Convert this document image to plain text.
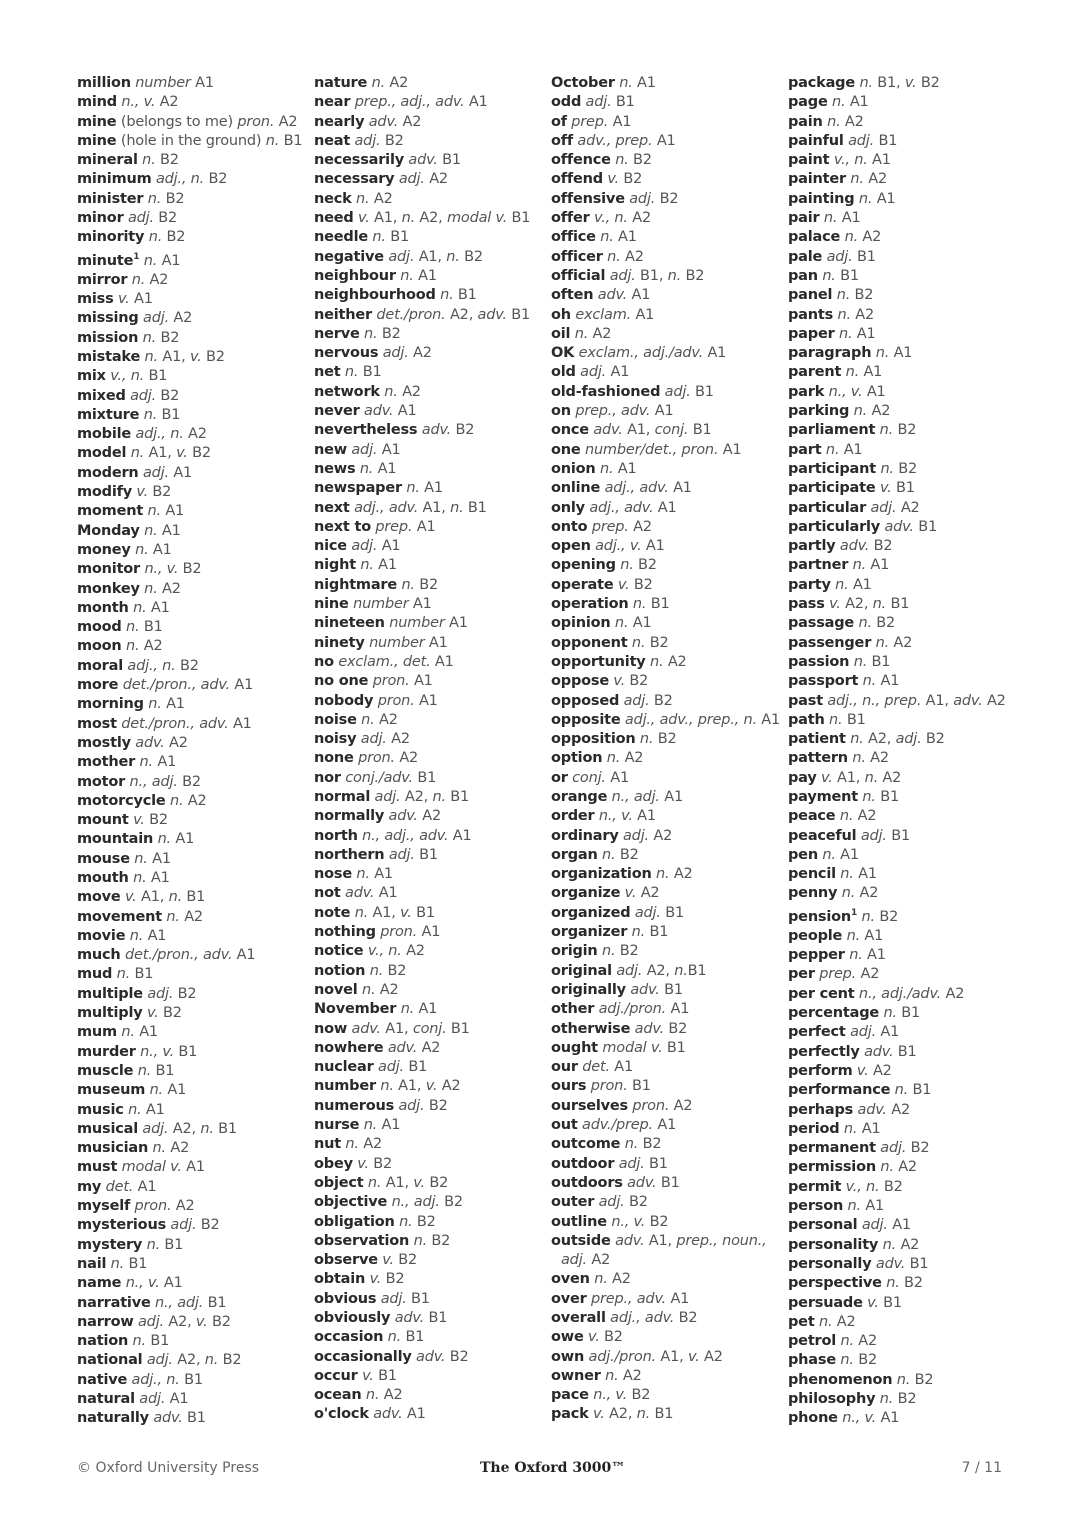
million number A1
mind n., v. A2
mine (belongs to me) pron. A2
mine (hole in the ground) n. B1
mineral n. B2
minimum adj., n. B2
minister n. B2
minor adj. B2
minority n. B2
minute$^1$ n. A1
mirror n. A2
miss v. A1
missing adj. A2
mission n. B2
mistake n. A1, v. B2
mix v., n. B1
mixed adj. B2
mixture n. B1
mobile adj., n. A2
model n. A1, v. B2
modern adj. A1
modify v. B2
moment n. A1
Monday n. A1
money n. A1
monitor n., v. B2
monkey n. A2
month n. A1
mood n. B1
moon n. A2
moral adj., n. B2
more det./pron., adv. A1
morning n. A1
most det./pron., adv. A1
mostly adv. A2
mother n. A1
motor n., adj. B2
motorcycle n. A2
mount v. B2
mountain n. A1
mouse n. A1
mouth n. A1
move v. A1, n. B1
movement n. A2
movie n. A1
much det./pron., adv. A1
mud n. B1
multiple adj. B2
multiply v. B2
mum n. A1
murder n., v. B1
muscle n. B1
museum n. A1
music n. A1
musical adj. A2, n. B1
musician n. A2
must modal v. A1
my det. A1
myself pron. A2
mysterious adj. B2
mystery n. B1
nail n. B1
name n., v. A1
narrative n., adj. B1
narrow adj. A2, v. B2
nation n. B1
national adj. A2, n. B2
native adj., n. B1
natural adj. A1
naturally adv. B1
nature n. A2
near prep., adj., adv. A1
nearly adv. A2
neat adj. B2
necessarily adv. B1
necessary adj. A2
neck n. A2
need v. A1, n. A2, modal v. B1
needle n. B1
negative adj. A1, n. B2
neighbour n. A1
neighbourhood n. B1
neither det./pron. A2, adv. B1
nerve n. B2
nervous adj. A2
net n. B1
network n. A2
never adv. A1
nevertheless adv. B2
new adj. A1
news n. A1
newspaper n. A1
next adj., adv. A1, n. B1
next to prep. A1
nice adj. A1
night n. A1
nightmare n. B2
nine number A1
nineteen number A1
ninety number A1
no exclam., det. A1
no one pron. A1
nobody pron. A1
noise n. A2
noisy adj. A2
none pron. A2
nor conj./adv. B1
normal adj. A2, n. B1
normally adv. A2
north n., adj., adv. A1
northern adj. B1
nose n. A1
not adv. A1
note n. A1, v. B1
nothing pron. A1
notice v., n. A2
notion n. B2
novel n. A2
November n. A1
now adv. A1, conj. B1
nowhere adv. A2
nuclear adj. B1
number n. A1, v. A2
numerous adj. B2
nurse n. A1
nut n. A2
obey v. B2
object n. A1, v. B2
objective n., adj. B2
obligation n. B2
observation n. B2
observe v. B2
obtain v. B2
obvious adj. B1
obviously adv. B1
occasion n. B1
occasionally adv. B2
occur v. B1
ocean n. A2
o'clock adv. A1
October n. A1
odd adj. B1
of prep. A1
off adv., prep. A1
offence n. B2
offend v. B2
offensive adj. B2
offer v., n. A2
office n. A1
officer n. A2
official adj. B1, n. B2
often adv. A1
oh exclam. A1
oil n. A2
OK exclam., adj./adv. A1
old adj. A1
old-fashioned adj. B1
on prep., adv. A1
once adv. A1, conj. B1
one number/det., pron. A1
onion n. A1
online adj., adv. A1
only adj., adv. A1
onto prep. A2
open adj., v. A1
opening n. B2
operate v. B2
operation n. B1
opinion n. A1
opponent n. B2
opportunity n. A2
oppose v. B2
opposed adj. B2
opposite adj., adv., prep., n. A1
opposition n. B2
option n. A2
or conj. A1
orange n., adj. A1
order n., v. A1
ordinary adj. A2
organ n. B2
organization n. A2
organize v. A2
organized adj. B1
organizer n. B1
origin n. B2
original adj. A2, n.B1
originally adv. B1
other adj./pron. A1
otherwise adv. B2
ought modal v. B1
our det. A1
ours pron. B1
ourselves pron. A2
out adv./prep. A1
outcome n. B2
outdoor adj. B1
outdoors adv. B1
outer adj. B2
outline n., v. B2
outside adv. A1, prep., noun., adj. A2
oven n. A2
over prep., adv. A1
overall adj., adv. B2
owe v. B2
own adj./pron. A1, v. A2
owner n. A2
pace n., v. B2
pack v. A2, n. B1
package n. B1, v. B2
page n. A1
pain n. A2
painful adj. B1
paint v., n. A1
painter n. A2
painting n. A1
pair n. A1
palace n. A2
pale adj. B1
pan n. B1
panel n. B2
pants n. A2
paper n. A1
paragraph n. A1
parent n. A1
park n., v. A1
parking n. A2
parliament n. B2
part n. A1
participant n. B2
participate v. B1
particular adj. A2
particularly adv. B1
partly adv. B2
partner n. A1
party n. A1
pass v. A2, n. B1
passage n. B2
passenger n. A2
passion n. B1
passport n. A1
past adj., n., prep. A1, adv. A2
path n. B1
patient n. A2, adj. B2
pattern n. A2
pay v. A1, n. A2
payment n. B1
peace n. A2
peaceful adj. B1
pen n. A1
pencil n. A1
penny n. A2
pension$^1$ n. B2
people n. A1
pepper n. A1
per prep. A2
per cent n., adj./adv. A2
percentage n. B1
perfect adj. A1
perfectly adv. B1
perform v. A2
performance n. B1
perhaps adv. A2
period n. A1
permanent adj. B2
permission n. A2
permit v., n. B2
person n. A1
personal adj. A1
personality n. A2
personally adv. B1
perspective n. B2
persuade v. B1
pet n. A2
petrol n. A2
phase n. B2
phenomenon n. B2
philosophy n. B2
phone n., v. A1
© Oxford University Press	The Oxford 3000™	7 / 11
